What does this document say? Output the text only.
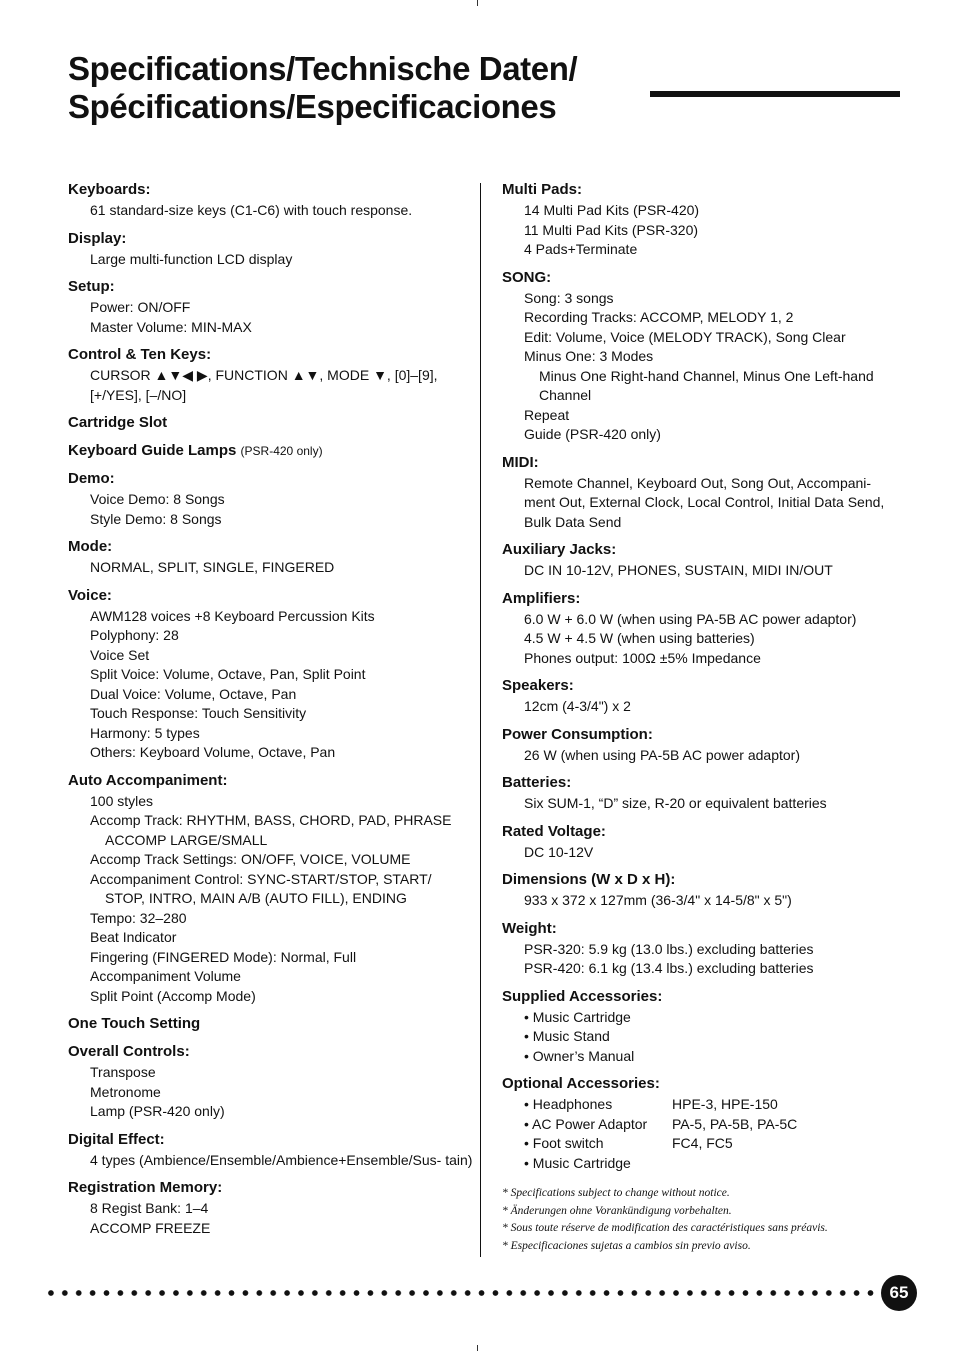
Specifications/Technische Daten/
Spécifications/Especificaciones
Keyboards:
61 standard-size keys (C1-C6) with touch response.
Display:
Large multi-function LCD display
Setup:
Power: ON/OFF
Master Volume: MIN-MAX
Control & Ten Keys:
CURSOR ▲▼◀ ▶, FUNCTION ▲▼, MODE ▼, [0]–[9], [+/YES], [–/NO]
Cartridge Slot
Keyboard Guide Lamps (PSR-420 only)
Demo:
Voice Demo: 8 Songs
Style Demo: 8 Songs
Mode:
NORMAL, SPLIT, SINGLE, FINGERED
Voice:
AWM128 voices +8 Keyboard Percussion Kits
Polyphony: 28
Voice Set
Split Voice: Volume, Octave, Pan, Split Point
Dual Voice: Volume, Octave, Pan
Touch Response: Touch Sensitivity
Harmony: 5 types
Others: Keyboard Volume, Octave, Pan
Auto Accompaniment:
100 styles
Accomp Track: RHYTHM, BASS, CHORD, PAD, PHRASE ACCOMP LARGE/SMALL
Accomp Track Settings: ON/OFF, VOICE, VOLUME
Accompaniment Control: SYNC-START/STOP, START/ STOP, INTRO, MAIN A/B (AUTO FILL), ENDING
Tempo: 32–280
Beat Indicator
Fingering (FINGERED Mode): Normal, Full
Accompaniment Volume
Split Point (Accomp Mode)
One Touch Setting
Overall Controls:
Transpose
Metronome
Lamp (PSR-420 only)
Digital Effect:
4 types (Ambience/Ensemble/Ambience+Ensemble/Sus- tain)
Registration Memory:
8 Regist Bank: 1–4
ACCOMP FREEZE
Multi Pads:
14 Multi Pad Kits (PSR-420)
11 Multi Pad Kits (PSR-320)
4 Pads+Terminate
SONG:
Song: 3 songs
Recording Tracks: ACCOMP, MELODY 1, 2
Edit: Volume, Voice (MELODY TRACK), Song Clear
Minus One: 3 Modes
Minus One Right-hand Channel, Minus One Left-hand Channel
Repeat
Guide (PSR-420 only)
MIDI:
Remote Channel, Keyboard Out, Song Out, Accompani- ment Out, External Clock, Local Control, Initial Data Send, Bulk Data Send
Auxiliary Jacks:
DC IN 10-12V, PHONES, SUSTAIN, MIDI IN/OUT
Amplifiers:
6.0 W + 6.0 W (when using PA-5B AC power adaptor)
4.5 W + 4.5 W (when using batteries)
Phones output: 100Ω ±5% Impedance
Speakers:
12cm (4-3/4") x 2
Power Consumption:
26 W (when using PA-5B AC power adaptor)
Batteries:
Six SUM-1, “D” size, R-20 or equivalent batteries
Rated Voltage:
DC 10-12V
Dimensions (W x D x H):
933 x 372 x 127mm (36-3/4" x 14-5/8" x 5")
Weight:
PSR-320: 5.9 kg (13.0 lbs.) excluding batteries
PSR-420: 6.1 kg (13.4 lbs.) excluding batteries
Supplied Accessories:
• Music Cartridge
• Music Stand
• Owner’s Manual
Optional Accessories:
• Headphones	HPE-3, HPE-150
• AC Power Adaptor	PA-5, PA-5B, PA-5C
• Foot switch	FC4, FC5
• Music Cartridge
* Specifications subject to change without notice.
* Änderungen ohne Vorankündigung vorbehalten.
* Sous toute réserve de modification des caractéristiques sans préavis.
* Especificaciones sujetas a cambios sin previo aviso.
65
